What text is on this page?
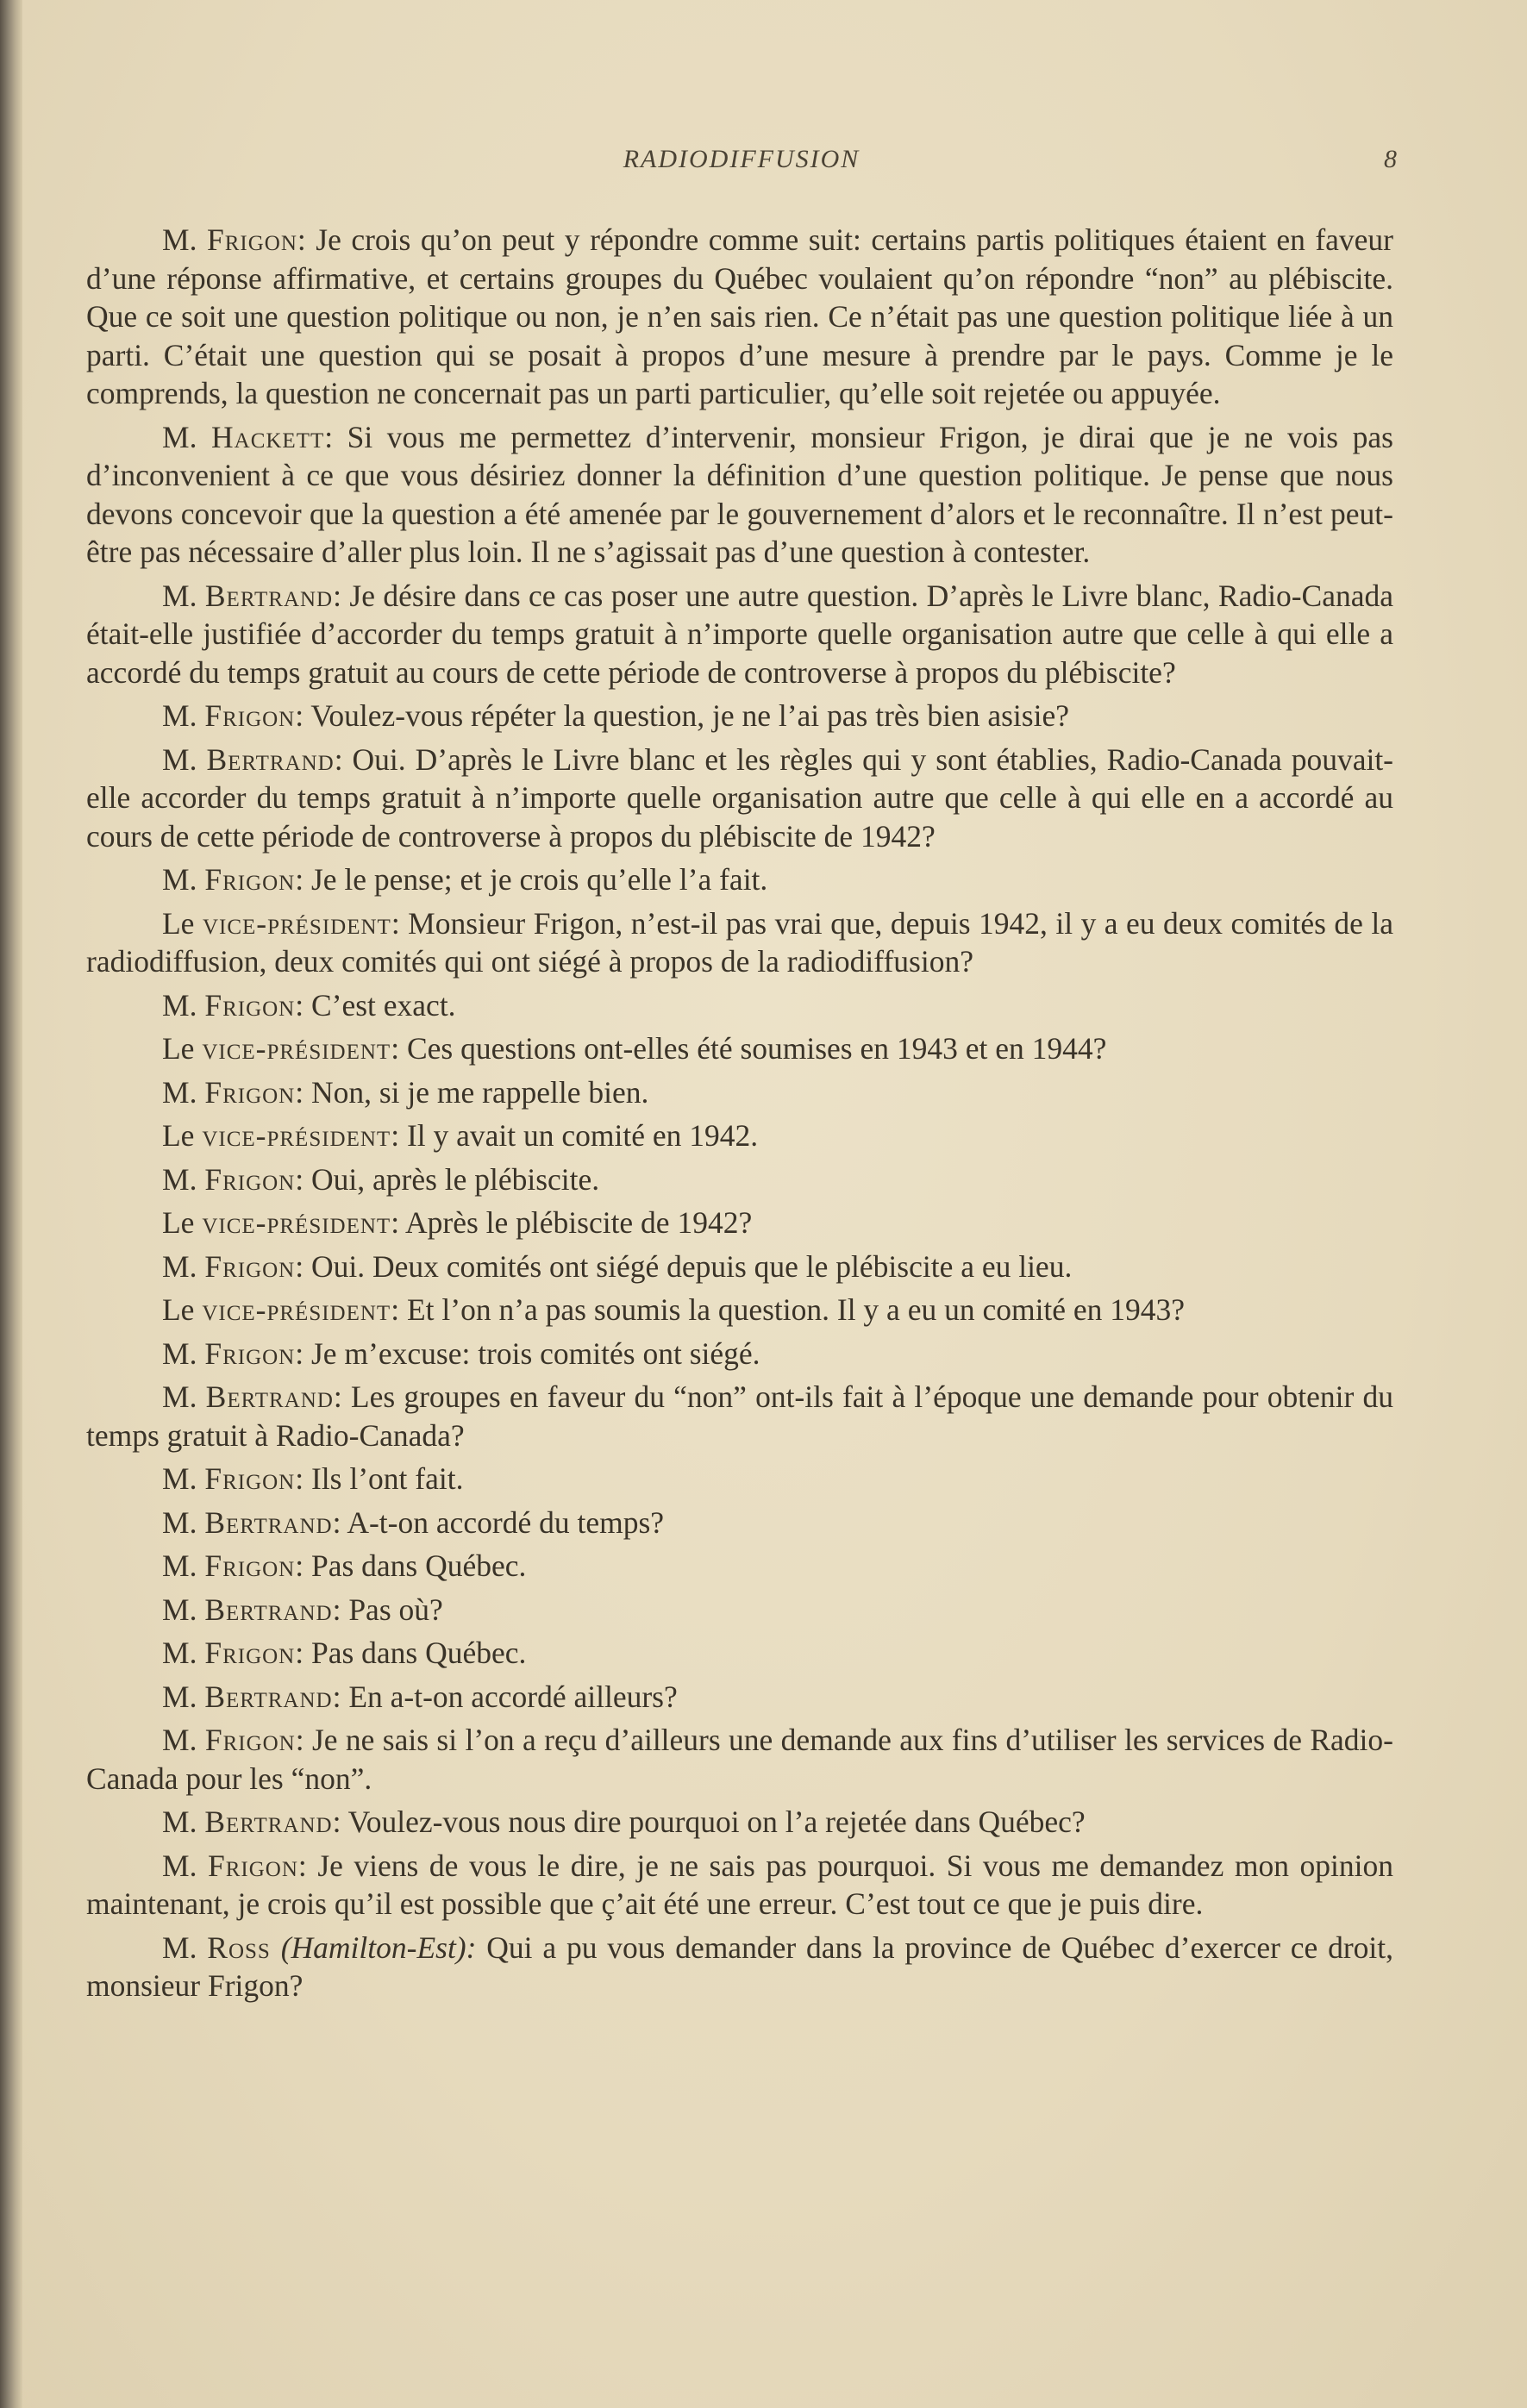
RADIODIFFUSION	8

M. Frigon: Je crois qu’on peut y répondre comme suit: certains partis politiques étaient en faveur d’une réponse affirmative, et certains groupes du Québec voulaient qu’on répondre “non” au plébiscite. Que ce soit une question politique ou non, je n’en sais rien. Ce n’était pas une question politique liée à un parti. C’était une question qui se posait à propos d’une mesure à prendre par le pays. Comme je le comprends, la question ne concernait pas un parti particulier, qu’elle soit rejetée ou appuyée.

M. Hackett: Si vous me permettez d’intervenir, monsieur Frigon, je dirai que je ne vois pas d’inconvenient à ce que vous désiriez donner la définition d’une question politique. Je pense que nous devons concevoir que la question a été amenée par le gouvernement d’alors et le reconnaître. Il n’est peut-être pas nécessaire d’aller plus loin. Il ne s’agissait pas d’une question à contester.

M. Bertrand: Je désire dans ce cas poser une autre question. D’après le Livre blanc, Radio-Canada était-elle justifiée d’accorder du temps gratuit à n’importe quelle organisation autre que celle à qui elle a accordé du temps gratuit au cours de cette période de controverse à propos du plébiscite?

M. Frigon: Voulez-vous répéter la question, je ne l’ai pas très bien asisie?

M. Bertrand: Oui. D’après le Livre blanc et les règles qui y sont établies, Radio-Canada pouvait-elle accorder du temps gratuit à n’importe quelle organisation autre que celle à qui elle en a accordé au cours de cette période de controverse à propos du plébiscite de 1942?

M. Frigon: Je le pense; et je crois qu’elle l’a fait.

Le vice-président: Monsieur Frigon, n’est-il pas vrai que, depuis 1942, il y a eu deux comités de la radiodiffusion, deux comités qui ont siégé à propos de la radiodiffusion?

M. Frigon: C’est exact.

Le vice-président: Ces questions ont-elles été soumises en 1943 et en 1944?

M. Frigon: Non, si je me rappelle bien.

Le vice-président: Il y avait un comité en 1942.

M. Frigon: Oui, après le plébiscite.

Le vice-président: Après le plébiscite de 1942?

M. Frigon: Oui. Deux comités ont siégé depuis que le plébiscite a eu lieu.

Le vice-président: Et l’on n’a pas soumis la question. Il y a eu un comité en 1943?

M. Frigon: Je m’excuse: trois comités ont siégé.

M. Bertrand: Les groupes en faveur du “non” ont-ils fait à l’époque une demande pour obtenir du temps gratuit à Radio-Canada?

M. Frigon: Ils l’ont fait.

M. Bertrand: A-t-on accordé du temps?

M. Frigon: Pas dans Québec.

M. Bertrand: Pas où?

M. Frigon: Pas dans Québec.

M. Bertrand: En a-t-on accordé ailleurs?

M. Frigon: Je ne sais si l’on a reçu d’ailleurs une demande aux fins d’utiliser les services de Radio-Canada pour les “non”.

M. Bertrand: Voulez-vous nous dire pourquoi on l’a rejetée dans Québec?

M. Frigon: Je viens de vous le dire, je ne sais pas pourquoi. Si vous me demandez mon opinion maintenant, je crois qu’il est possible que ç’ait été une erreur. C’est tout ce que je puis dire.

M. Ross (Hamilton-Est): Qui a pu vous demander dans la province de Québec d’exercer ce droit, monsieur Frigon?
